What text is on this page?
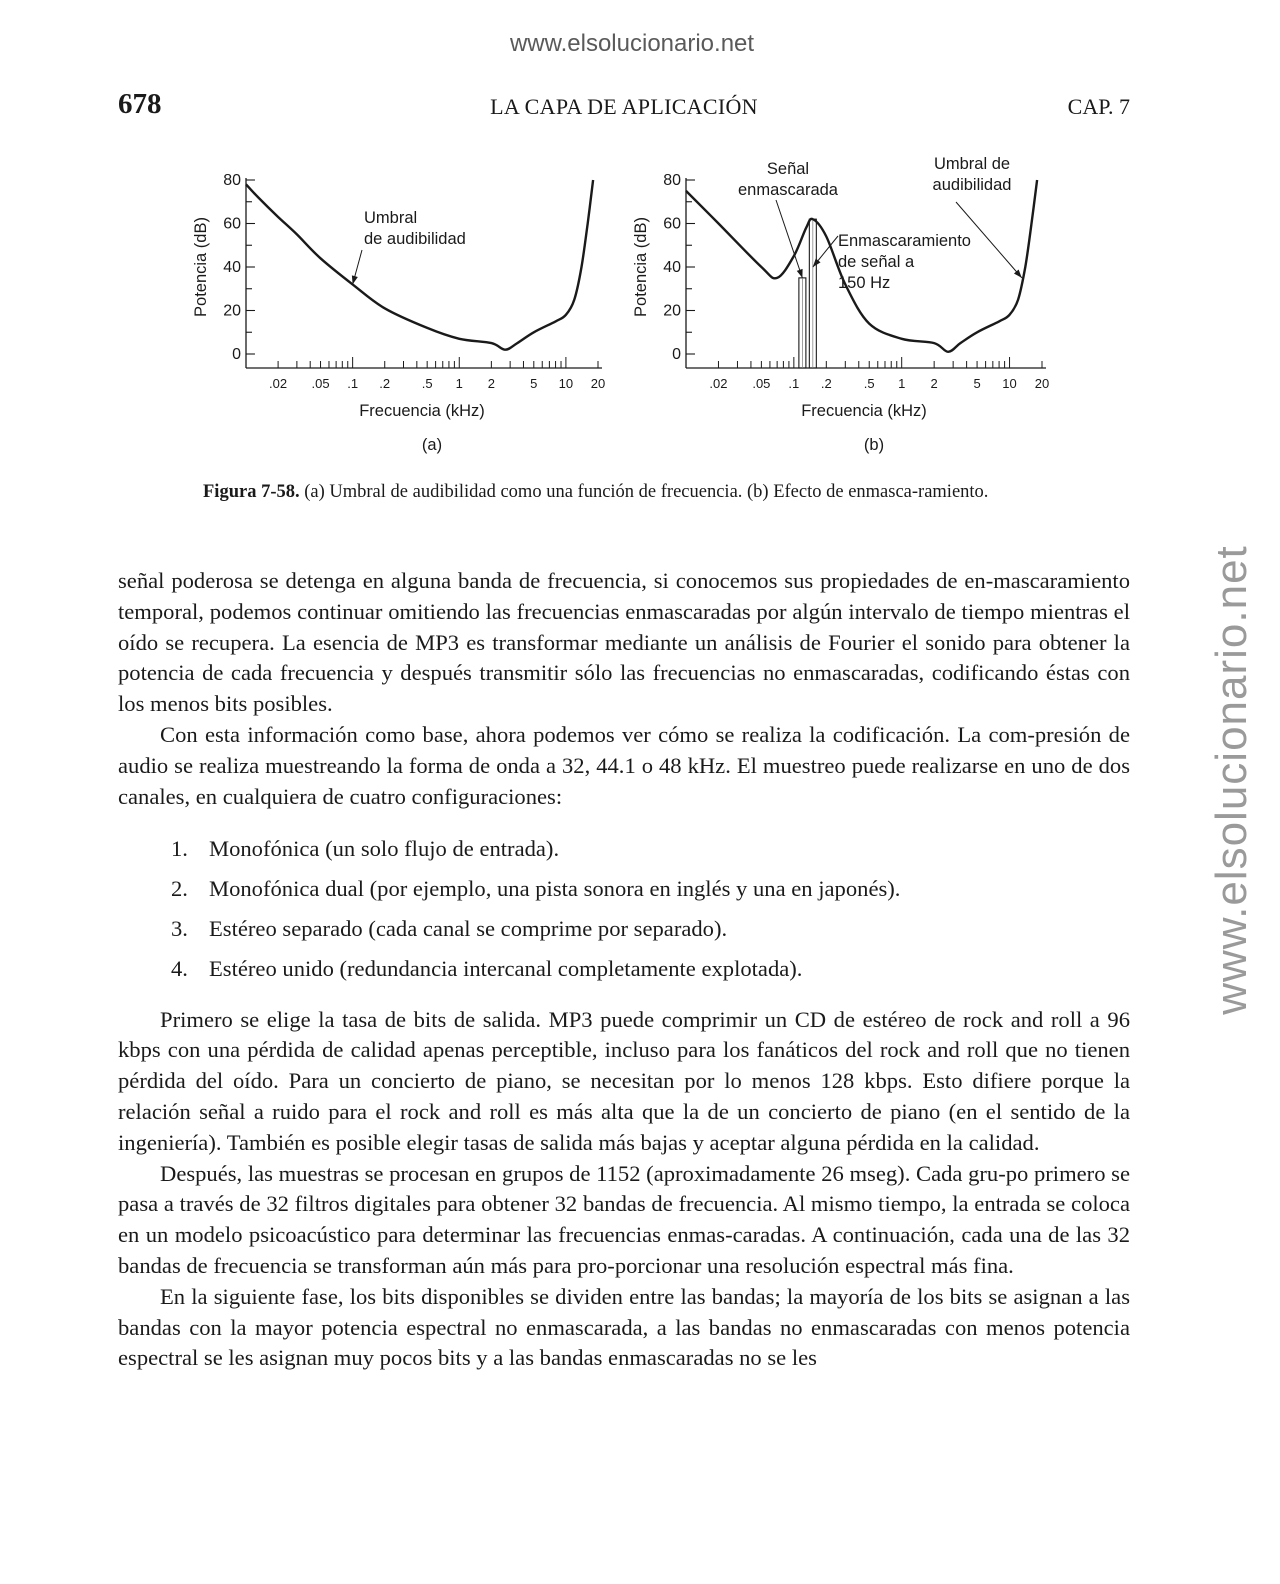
www.elsolucionario.net
www.elsolucionario.net
678	LA CAPA DE APLICACIÓN	CAP. 7
0
20
40
60
80
.02 .05 .1 .2 .5 1 2	5 10 20
Frecuencia (kHz)
Potencia (dB)
(a)
Umbral
de audibilidad
0
20
40
60
80
.02 .05 .1 .2 .5 1 2	5 10 20
Frecuencia (kHz)
Potencia (dB)
(b)
Señal
enmascarada
Umbral de
audibilidad
Enmascaramiento
de señal a
150 Hz
Figura 7-58. (a) Umbral de audibilidad como una función de frecuencia. (b) Efecto de enmasca-ramiento.

señal poderosa se detenga en alguna banda de frecuencia, si conocemos sus propiedades de en-mascaramiento temporal, podemos continuar omitiendo las frecuencias enmascaradas por algún intervalo de tiempo mientras el oído se recupera. La esencia de MP3 es transformar mediante un análisis de Fourier el sonido para obtener la potencia de cada frecuencia y después transmitir sólo las frecuencias no enmascaradas, codificando éstas con los menos bits posibles.

Con esta información como base, ahora podemos ver cómo se realiza la codificación. La com-presión de audio se realiza muestreando la forma de onda a 32, 44.1 o 48 kHz. El muestreo puede realizarse en uno de dos canales, en cualquiera de cuatro configuraciones:

1. Monofónica (un solo flujo de entrada).
2. Monofónica dual (por ejemplo, una pista sonora en inglés y una en japonés).
3. Estéreo separado (cada canal se comprime por separado).
4. Estéreo unido (redundancia intercanal completamente explotada).

Primero se elige la tasa de bits de salida. MP3 puede comprimir un CD de estéreo de rock and roll a 96 kbps con una pérdida de calidad apenas perceptible, incluso para los fanáticos del rock and roll que no tienen pérdida del oído. Para un concierto de piano, se necesitan por lo menos 128 kbps. Esto difiere porque la relación señal a ruido para el rock and roll es más alta que la de un concierto de piano (en el sentido de la ingeniería). También es posible elegir tasas de salida más bajas y aceptar alguna pérdida en la calidad.

Después, las muestras se procesan en grupos de 1152 (aproximadamente 26 mseg). Cada gru-po primero se pasa a través de 32 filtros digitales para obtener 32 bandas de frecuencia. Al mismo tiempo, la entrada se coloca en un modelo psicoacústico para determinar las frecuencias enmas-caradas. A continuación, cada una de las 32 bandas de frecuencia se transforman aún más para pro-porcionar una resolución espectral más fina.

En la siguiente fase, los bits disponibles se dividen entre las bandas; la mayoría de los bits se asignan a las bandas con la mayor potencia espectral no enmascarada, a las bandas no enmascaradas con menos potencia espectral se les asignan muy pocos bits y a las bandas enmascaradas no se les
